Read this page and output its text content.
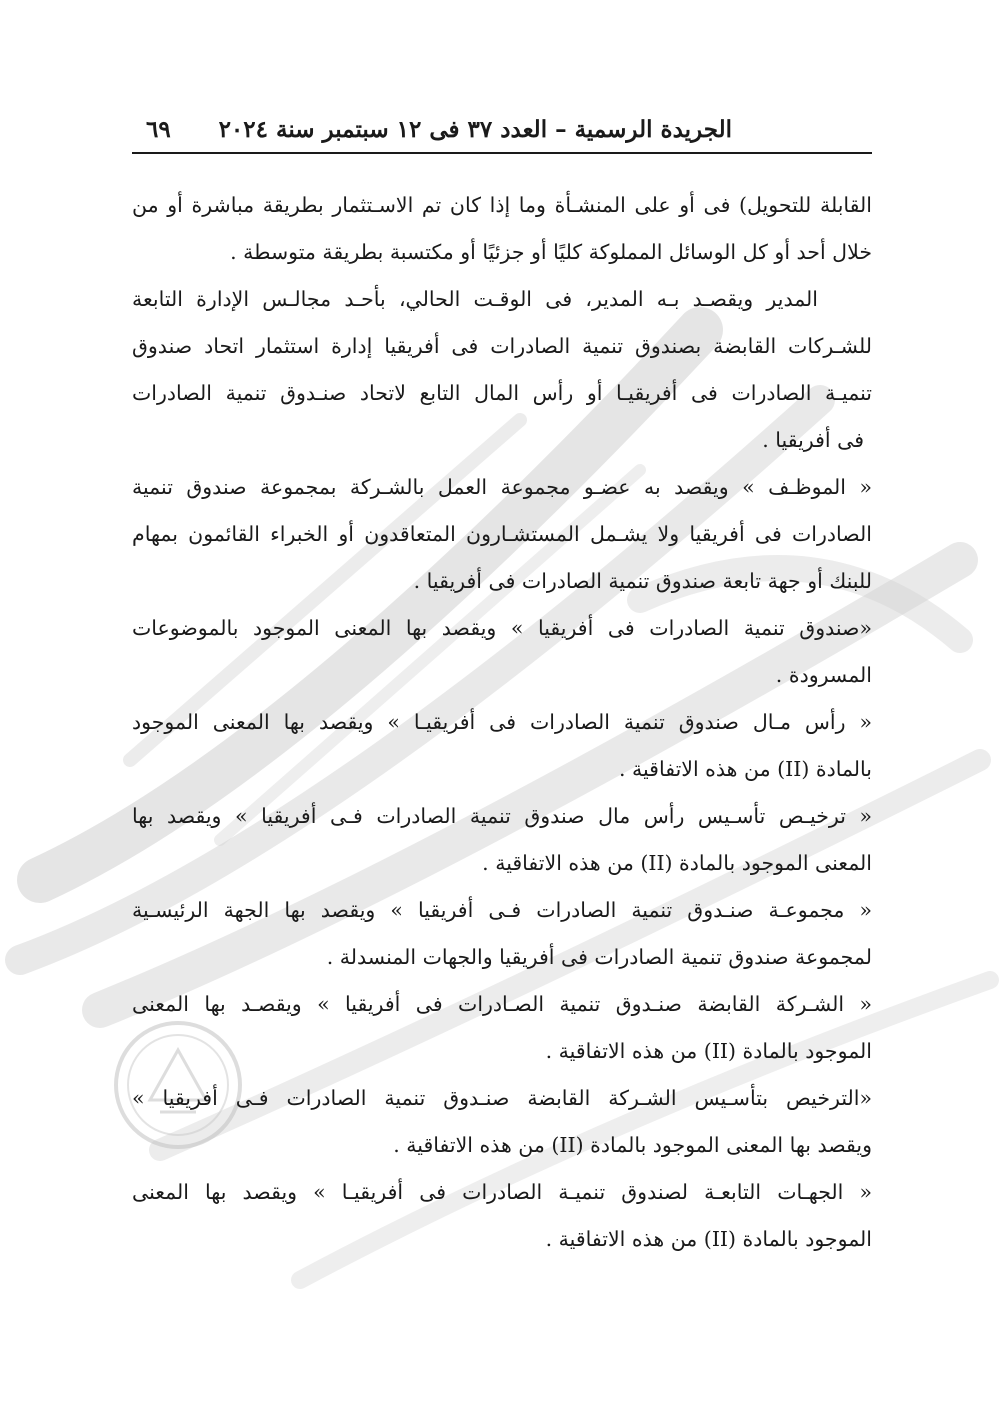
الجريدة الرسمية – العدد ٣٧ فى ١٢ سبتمبر سنة ٢٠٢٤
٦٩

القابلة للتحويل) فى أو على المنشـأة وما إذا كان تم الاسـتثمار بطريقة مباشرة أو من
خلال أحد أو كل الوسائل المملوكة كليًا أو جزئيًا أو مكتسبة بطريقة متوسطة .

المدير ويقصـد بـه المدير، فى الوقـت الحالي، بأحـد مجالـس الإدارة التابعة
للشـركات القابضة بصندوق تنمية الصادرات فى أفريقيا إدارة استثمار اتحاد صندوق
تنميـة الصادرات فى أفريقيـا أو رأس المال التابع لاتحاد صنـدوق تنمية الصادرات
فى أفريقيا .

« الموظـف » ويقصد به عضـو مجموعة العمل بالشـركة بمجموعة صندوق تنمية
الصادرات فى أفريقيا ولا يشـمل المستشـارون المتعاقدون أو الخبراء القائمون بمهام
للبنك أو جهة تابعة صندوق تنمية الصادرات فى أفريقيا .

«صندوق تنمية الصادرات فى أفريقيا » ويقصد بها المعنى الموجود بالموضوعات
المسرودة .

« رأس مـال صندوق تنمية الصادرات فى أفريقيـا » ويقصد بها المعنى الموجود
بالمادة (II) من هذه الاتفاقية .

« ترخيـص تأسـيس رأس مال صندوق تنمية الصادرات فـى أفريقيا » ويقصد بها
المعنى الموجود بالمادة (II) من هذه الاتفاقية .

« مجموعـة صنـدوق تنمية الصادرات فـى أفريقيا » ويقصد بها الجهة الرئيسـية
لمجموعة صندوق تنمية الصادرات فى أفريقيا والجهات المنسدلة .

« الشـركة القابضة صنـدوق تنمية الصـادرات فى أفريقيا » ويقصـد بها المعنى
الموجود بالمادة (II) من هذه الاتفاقية .

«الترخيص بتأسـيس الشـركة القابضة صنـدوق تنمية الصادرات فـى أفريقيا »
ويقصد بها المعنى الموجود بالمادة (II) من هذه الاتفاقية .

« الجهـات التابعـة لصندوق تنميـة الصادرات فى أفريقيـا » ويقصد بها المعنى
الموجود بالمادة (II) من هذه الاتفاقية .
